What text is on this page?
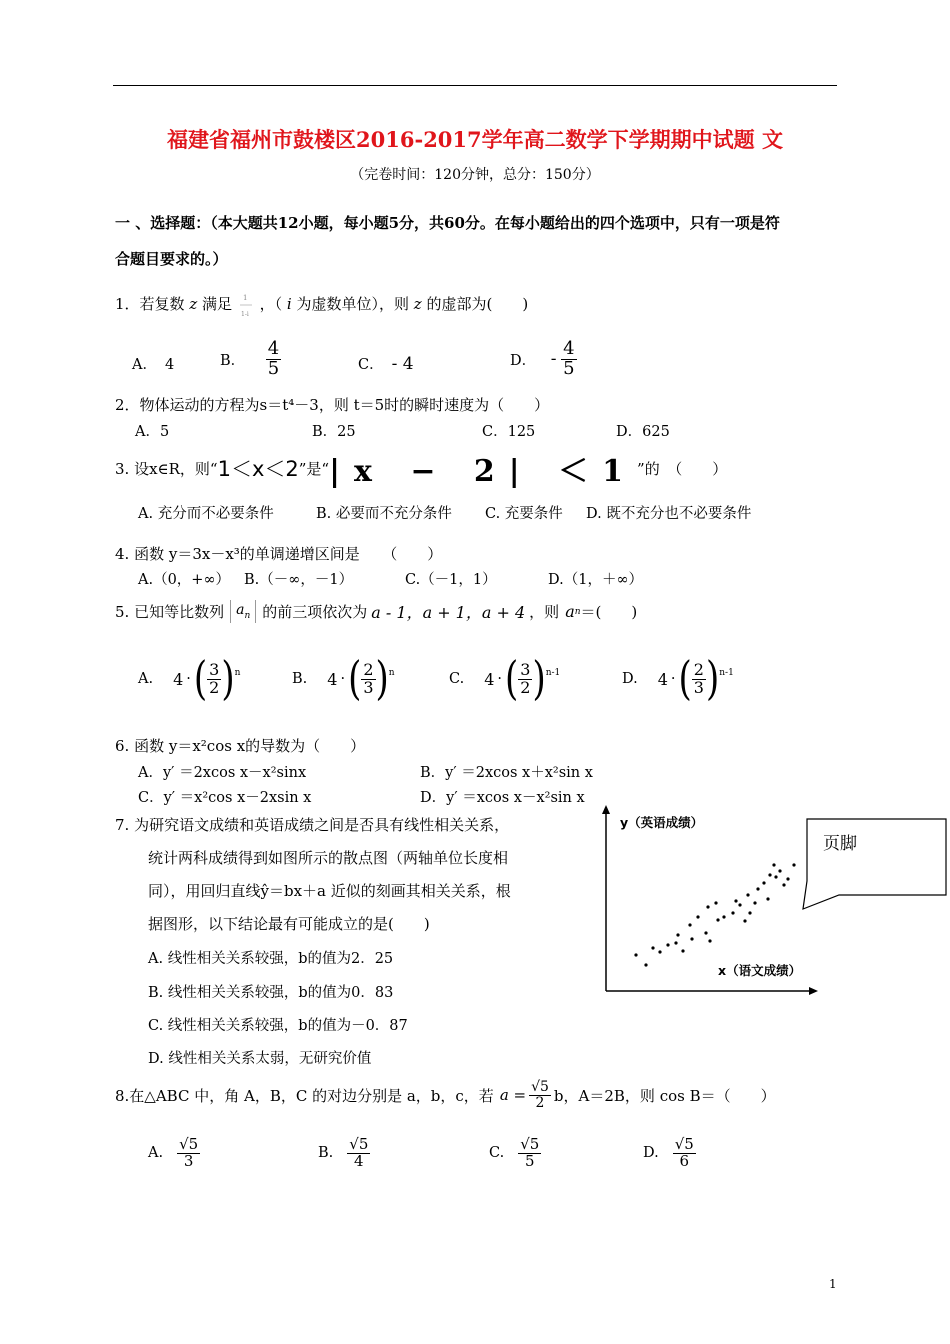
福建省福州市鼓楼区2016-2017学年高二数学下学期期中试题 文
（完卷时间：120分钟，总分：150分）
一 、选择题：（本大题共12小题，每小题5分，共60分。在每小题给出的四个选项中，只有一项是符
合题目要求的。）
1．若复数 z 满足 1
1-i
，（ i 为虚数单位），则 z 的虚部为(　　)
A． 4	B． $\frac{4}{5}$	C． - 4	D． - $\frac{4}{5}$
2．物体运动的方程为s＝t⁴－3，则 t＝5时的瞬时速度为（　　）
A．5	B．25	C．125	D．625
3. 设x∈R，则“ 1＜x＜2 ”是“ |x − 2| ＜1 ”的　（　　）
A. 充分而不必要条件	B. 必要而不充分条件 C. 充要条件 D. 既不充分也不必要条件
4. 函数 y＝3x－x³的单调递增区间是　　（　　）
A.（0，+∞） B.（－∞，－1）	C.（－1，1）	D.（1，＋∞）
5. 已知等比数列 $a_n$ 的前三项依次为 a - 1，a + 1，a + 4 ，则 a n ＝(　　)
A. 4 · ( $\frac{3}{2}$ ) n	B. 4 · ( $\frac{2}{3}$ ) n	C. 4 · ( $\frac{3}{2}$ ) n-1	D. 4 · ( $\frac{2}{3}$ ) n-1
6. 函数 y＝x²cos x的导数为（　　）
A．y′ ＝2xcos x－x²sinx	B．y′ ＝2xcos x＋x²sin x
C．y′ ＝x²cos x－2xsin x	D．y′ ＝xcos x－x²sin x
7. 为研究语文成绩和英语成绩之间是否具有线性相关关系，
统计两科成绩得到如图所示的散点图（两轴单位长度相
同），用回归直线ŷ＝bx＋a 近似的刻画其相关关系，根
据图形，以下结论最有可能成立的是(　　)
A. 线性相关关系较强，b的值为2．25
B. 线性相关关系较强，b的值为0．83
C. 线性相关关系较强，b的值为－0．87
D. 线性相关关系太弱，无研究价值
y（英语成绩）
x（语文成绩）
页脚
8.在△ABC 中，角 A，B，C 的对边分别是 a，b，c，若 $a = \frac{√5}{2}$ b，A＝2B，则 cos B＝（　　）
A. $\frac{√5}{3}$	B. $\frac{√5}{4}$	C. $\frac{√5}{5}$	D. $\frac{√5}{6}$
1
